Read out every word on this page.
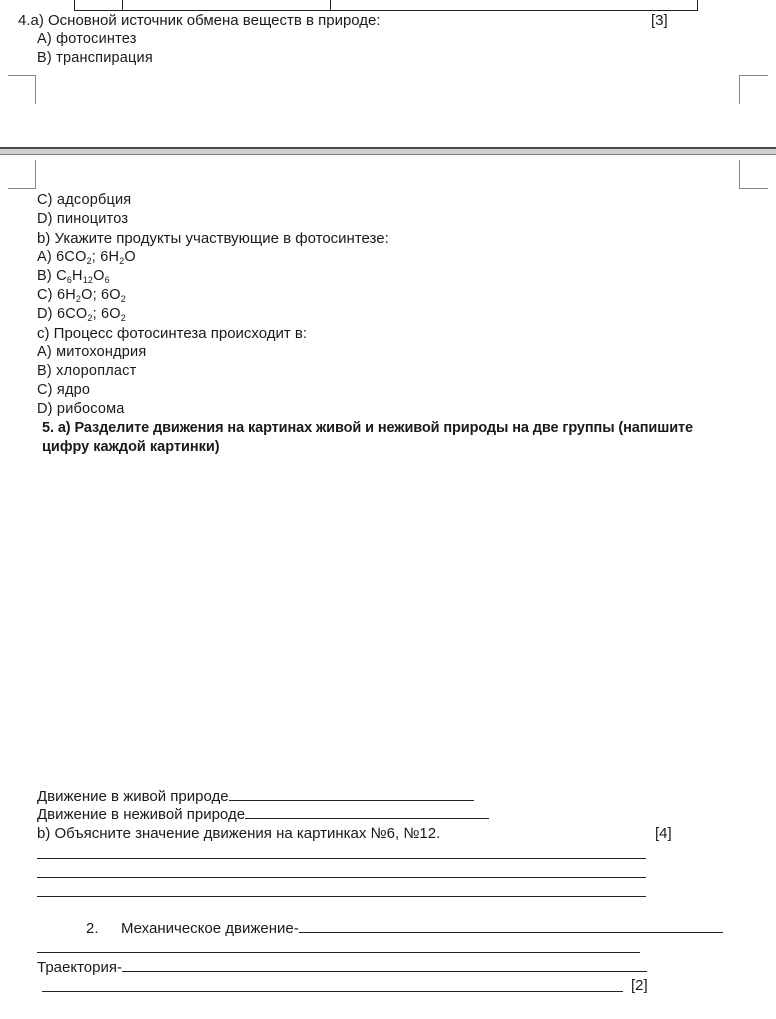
4.a) Основной источник обмена веществ в природе:	[3]
А) фотосинтез
В) транспирация
С) адсорбция
D) пиноцитоз
b) Укажите продукты участвующие в фотосинтезе:
А) $6CO_2$; $6H_2O$
В) $C_6H_{12}O_6$
С) $6H_2O$; $6O_2$
D) $6CO_2$; $6O_2$
с) Процесс фотосинтеза происходит в:
А) митохондрия
В) хлоропласт
С) ядро
D) рибосома
5. а) Разделите движения на картинах живой и неживой природы на две группы (напишите
цифру каждой картинки)
Движение в живой природе
Движение в неживой природе
b) Объясните значение движения на картинках №6, №12.	[4]
2. Механическое движение-
Траектория-
[2]
